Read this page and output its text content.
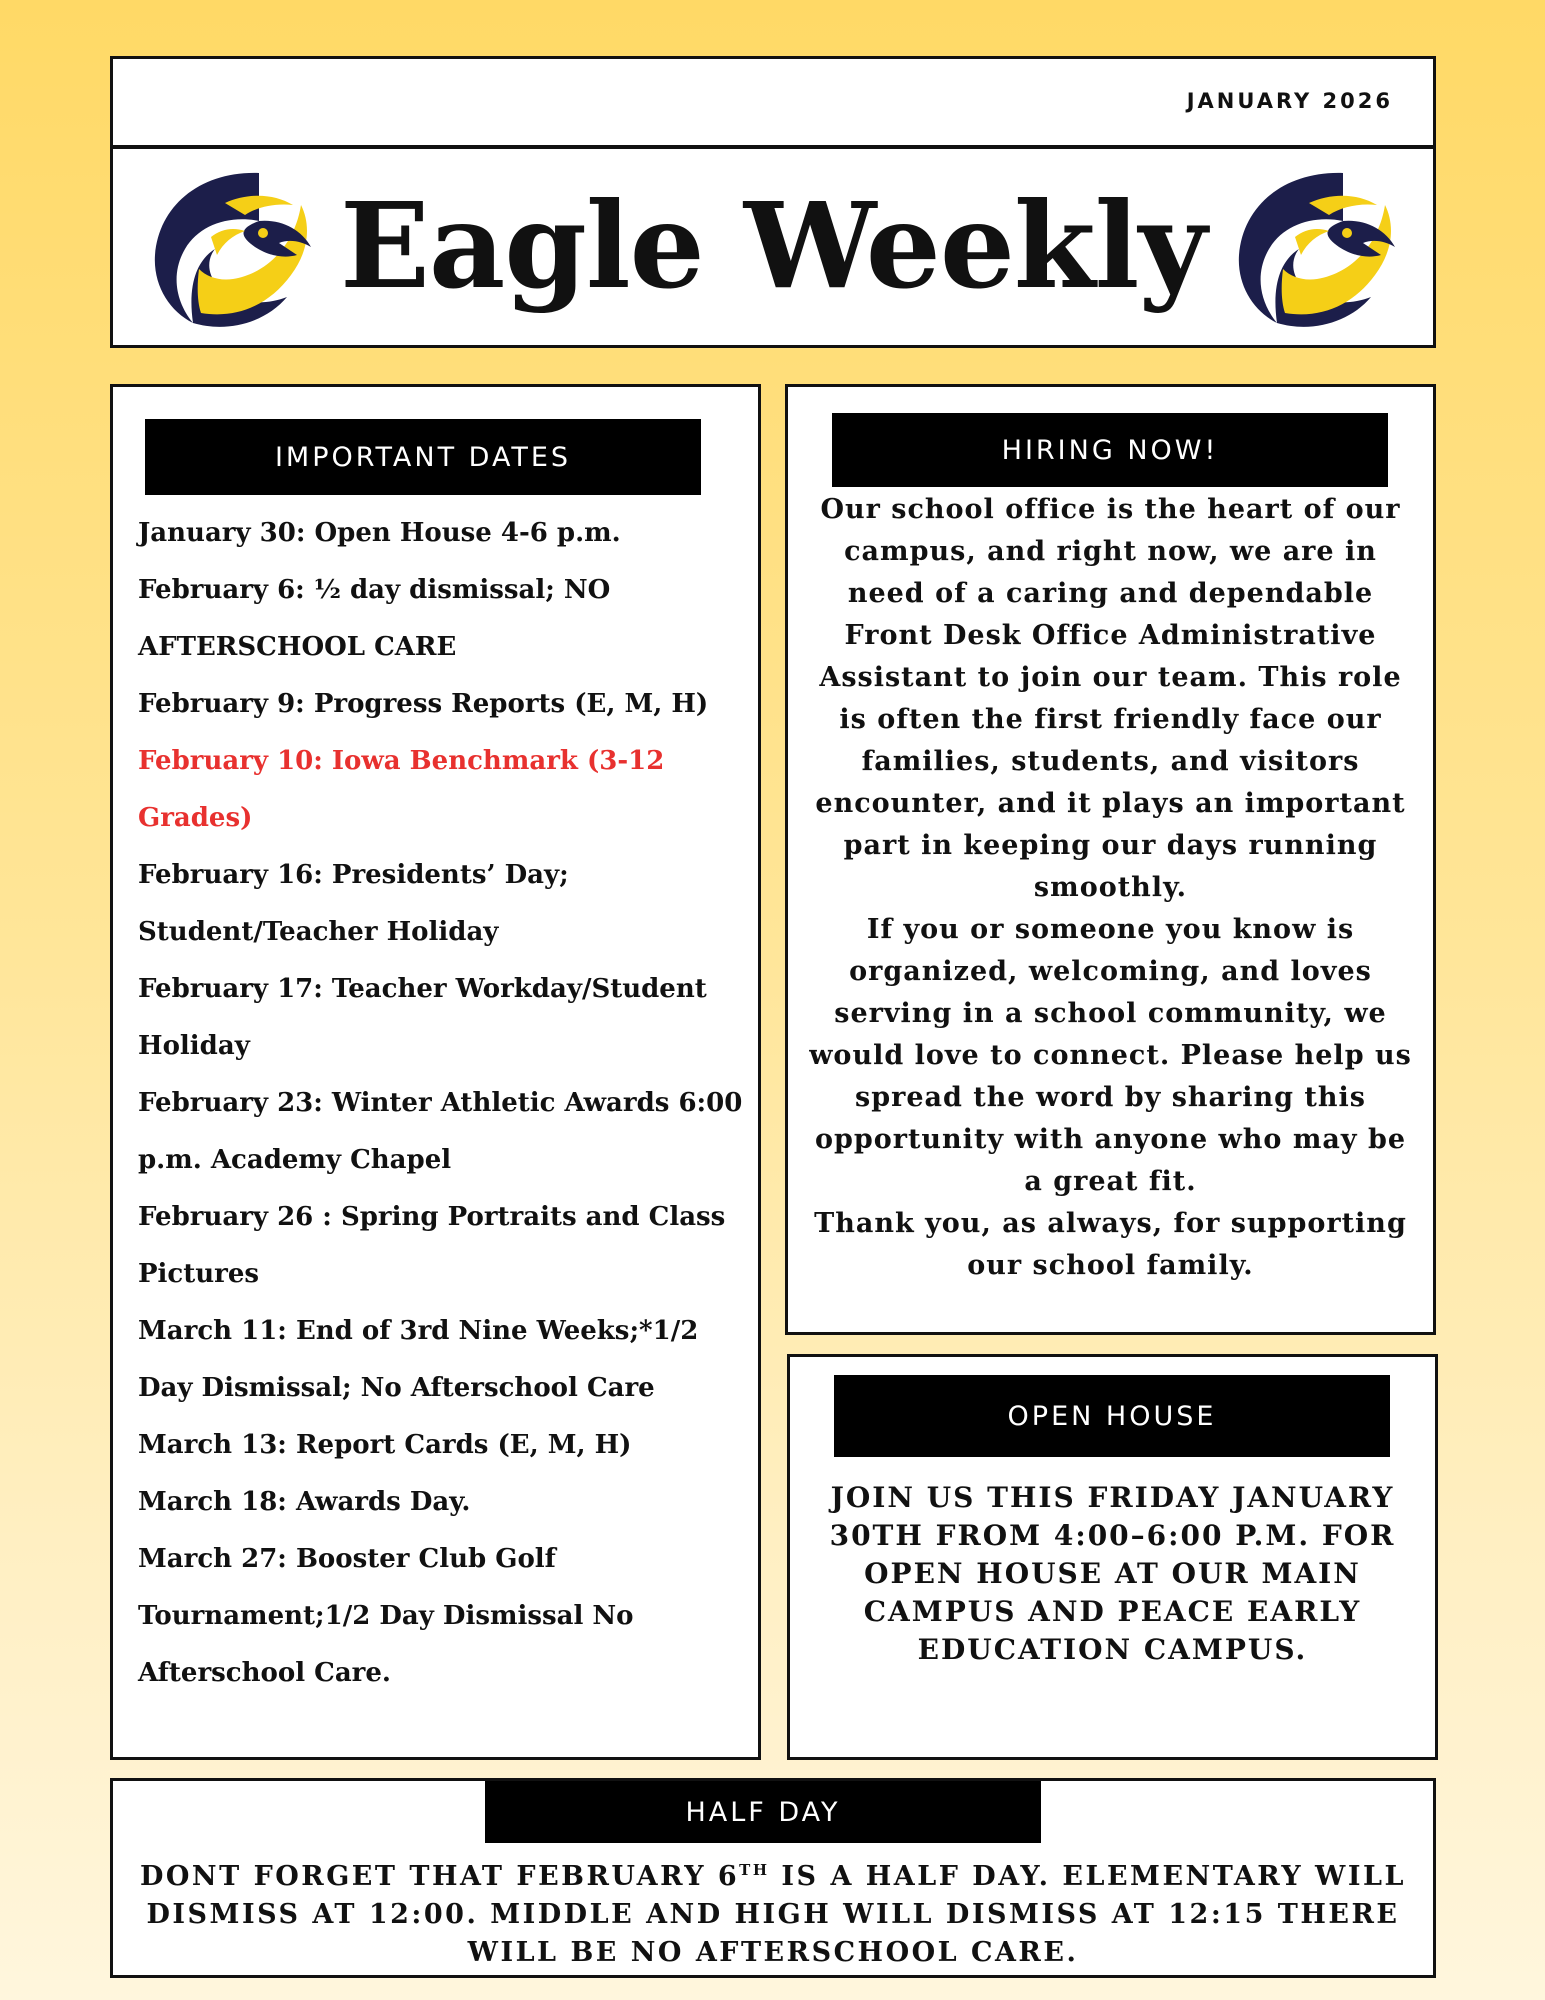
JANUARY 2026
Eagle Weekly
IMPORTANT DATES
January 30: Open House 4-6 p.m.
February 6: ½ day dismissal; NO AFTERSCHOOL CARE
February 9: Progress Reports (E, M, H)
February 10: Iowa Benchmark (3-12 Grades)
February 16: Presidents’ Day; Student/Teacher Holiday
February 17: Teacher Workday/Student Holiday
February 23: Winter Athletic Awards 6:00 p.m. Academy Chapel
February 26 : Spring Portraits and Class Pictures
March 11: End of 3rd Nine Weeks;*1/2 Day Dismissal; No Afterschool Care
March 13: Report Cards (E, M, H)
March 18: Awards Day.
March 27: Booster Club Golf Tournament;1/2 Day Dismissal No Afterschool Care.
HIRING NOW!

Our school office is the heart of our campus, and right now, we are in need of a caring and dependable Front Desk Office Administrative Assistant to join our team. This role is often the first friendly face our families, students, and visitors encounter, and it plays an important part in keeping our days running smoothly.

If you or someone you know is organized, welcoming, and loves serving in a school community, we would love to connect. Please help us spread the word by sharing this opportunity with anyone who may be a great fit.

Thank you, as always, for supporting our school family.

OPEN HOUSE
JOIN US THIS FRIDAY JANUARY 30TH FROM 4:00–6:00 P.M. FOR OPEN HOUSE AT OUR MAIN CAMPUS AND PEACE EARLY EDUCATION CAMPUS.
HALF DAY
DONT FORGET THAT FEBRUARY 6TH IS A HALF DAY. ELEMENTARY WILL DISMISS AT 12:00. MIDDLE AND HIGH WILL DISMISS AT 12:15 THERE WILL BE NO AFTERSCHOOL CARE.
